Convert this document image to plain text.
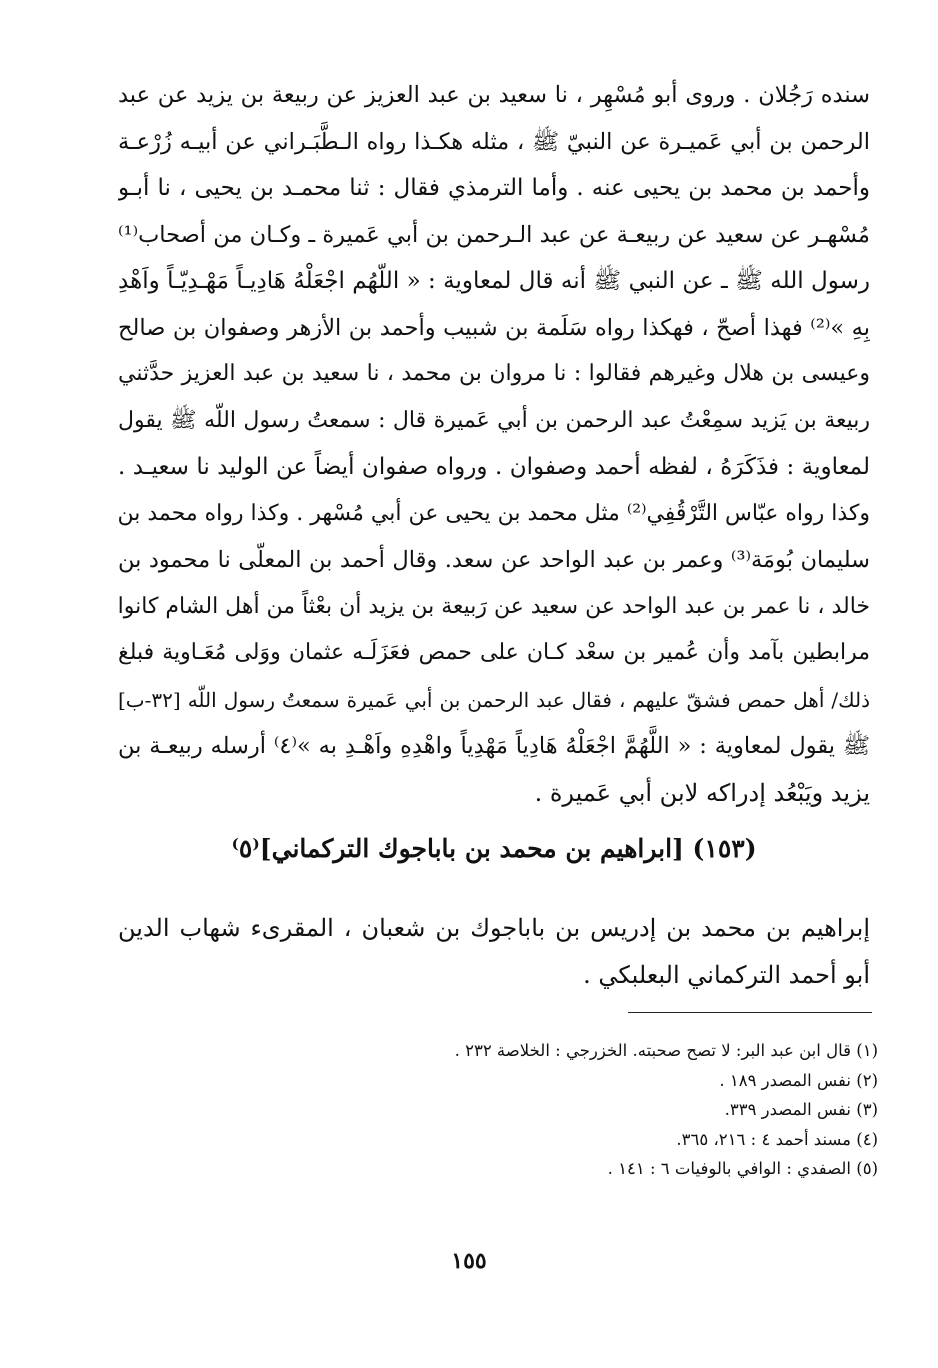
سنده رَجُلان . وروى أبو مُسْهِر ، نا سعيد بن عبد العزيز عن ربيعة بن يزيد عن عبد
الرحمن بن أبي عَميـرة عن النبيّ ﷺ ، مثله هكـذا رواه الـطَّبَـراني عن أبيـه زُرْعـة
وأحمد بن محمد بن يحيى عنه . وأما الترمذي فقال : ثنا محمـد بن يحيى ، نا أبـو
مُسْهـر عن سعيد عن ربيعـة عن عبد الـرحمن بن أبي عَميرة ـ وكـان من أصحاب⁽¹⁾
رسول الله ﷺ ـ عن النبي ﷺ أنه قال لمعاوية : « اللّهُم اجْعَلْهُ هَادِيـاً مَهْـدِيّـاً واَهْدِ
بِهِ »⁽²⁾ فهذا أصحّ ، فهكذا رواه سَلَمة بن شبيب وأحمد بن الأزهر وصفوان بن صالح
وعيسى بن هلال وغيرهم فقالوا : نا مروان بن محمد ، نا سعيد بن عبد العزيز حدَّثني
ربيعة بن يَزيد سمِعْتُ عبد الرحمن بن أبي عَميرة قال : سمعتُ رسول اللّه ﷺ يقول
لمعاوية : فذَكَرَهُ ، لفظه أحمد وصفوان . ورواه صفوان أيضاً عن الوليد نا سعيـد .
وكذا رواه عبّاس التَّرْقُفِي⁽²⁾ مثل محمد بن يحيى عن أبي مُسْهر . وكذا رواه محمد بن
سليمان بُومَة⁽³⁾ وعمر بن عبد الواحد عن سعد. وقال أحمد بن المعلّى نا محمود بن
خالد ، نا عمر بن عبد الواحد عن سعيد عن رَبيعة بن يزيد أن بعْثاً من أهل الشام كانوا
مرابطين بآمد وأن عُمير بن سعْد كـان على حمص فعَزَلَـه عثمان ووَلى مُعَـاوية فبلغ
ذلك/ أهل حمص فشقّ عليهم ، فقال عبد الرحمن بن أبي عَميرة سمعتُ رسول اللّه [٣٢-ب]
ﷺ يقول لمعاوية : « اللَّهُمَّ اجْعَلْهُ هَادِياً مَهْدِياً واهْدِهِ واَهْـدِ به »⁽٤⁾ أرسله ربيعـة بن
يزيد ويَبْعُد إدراكه لابن أبي عَميرة .
(١٥٣) [ابراهيم بن محمد بن باباجوك التركماني]⁽٥⁾
إبراهيم بن محمد بن إدريس بن باباجوك بن شعبان ، المقرىء شهاب الدين
أبو أحمد التركماني البعلبكي .
(١) قال ابن عبد البر: لا تصح صحبته. الخزرجي : الخلاصة ٢٣٢ .
(٢) نفس المصدر ١٨٩ .
(٣) نفس المصدر ٣٣٩.
(٤) مسند أحمد ٤ : ٢١٦، ٣٦٥.
(٥) الصفدي : الوافي بالوفيات ٦ : ١٤١ .
١٥٥
